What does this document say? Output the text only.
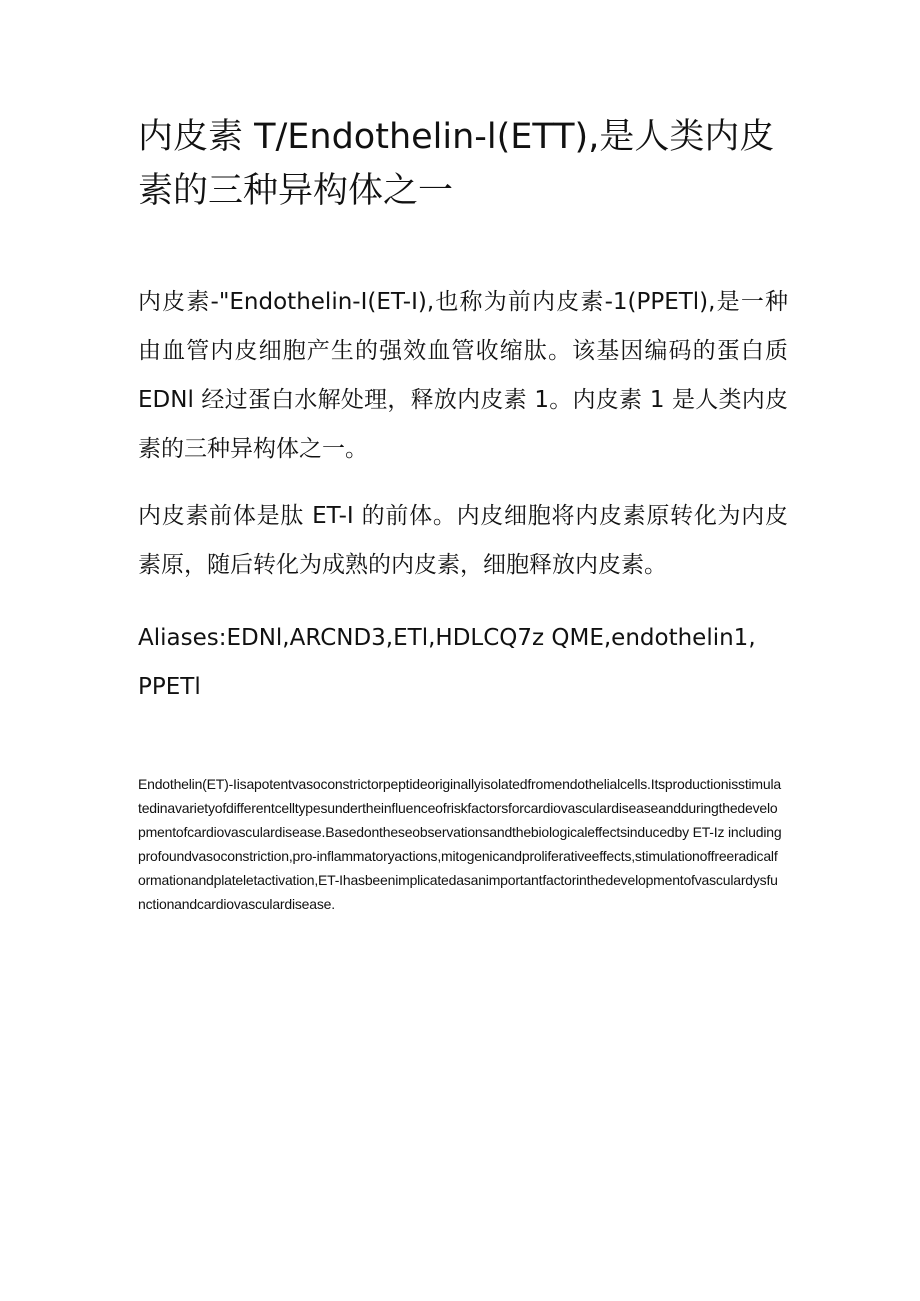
内皮素 T/Endothelin-l(ETT),是人类内皮素的三种异构体之一

内皮素-"Endothelin-I(ET-I),也称为前内皮素-1(PPETl),是一种由血管内皮细胞产生的强效血管收缩肽。该基因编码的蛋白质EDNl 经过蛋白水解处理，释放内皮素 1。内皮素 1 是人类内皮素的三种异构体之一。

内皮素前体是肽 ET-I 的前体。内皮细胞将内皮素原转化为内皮素原，随后转化为成熟的内皮素，细胞释放内皮素。

Aliases:EDNl,ARCND3,ETl,HDLCQ7z QME,endothelin1, PPETl

Endothelin(ET)-Iisapotentvasoconstrictorpeptideoriginallyisolatedfromendothelialcells.Itsproductionisstimulatedinavarietyofdifferentcelltypesundertheinfluenceofriskfactorsforcardiovasculardiseaseandduringthedevelopmentofcardiovasculardisease.Basedontheseobservationsandthebiologicaleffectsinducedby ET-Iz includingprofoundvasoconstriction,pro-inflammatoryactions,mitogenicandproliferativeeffects,stimulationoffreeradicalformationandplateletactivation,ET-Ihasbeenimplicatedasanimportantfactorinthedevelopmentofvasculardysfunctionandcardiovasculardisease.
